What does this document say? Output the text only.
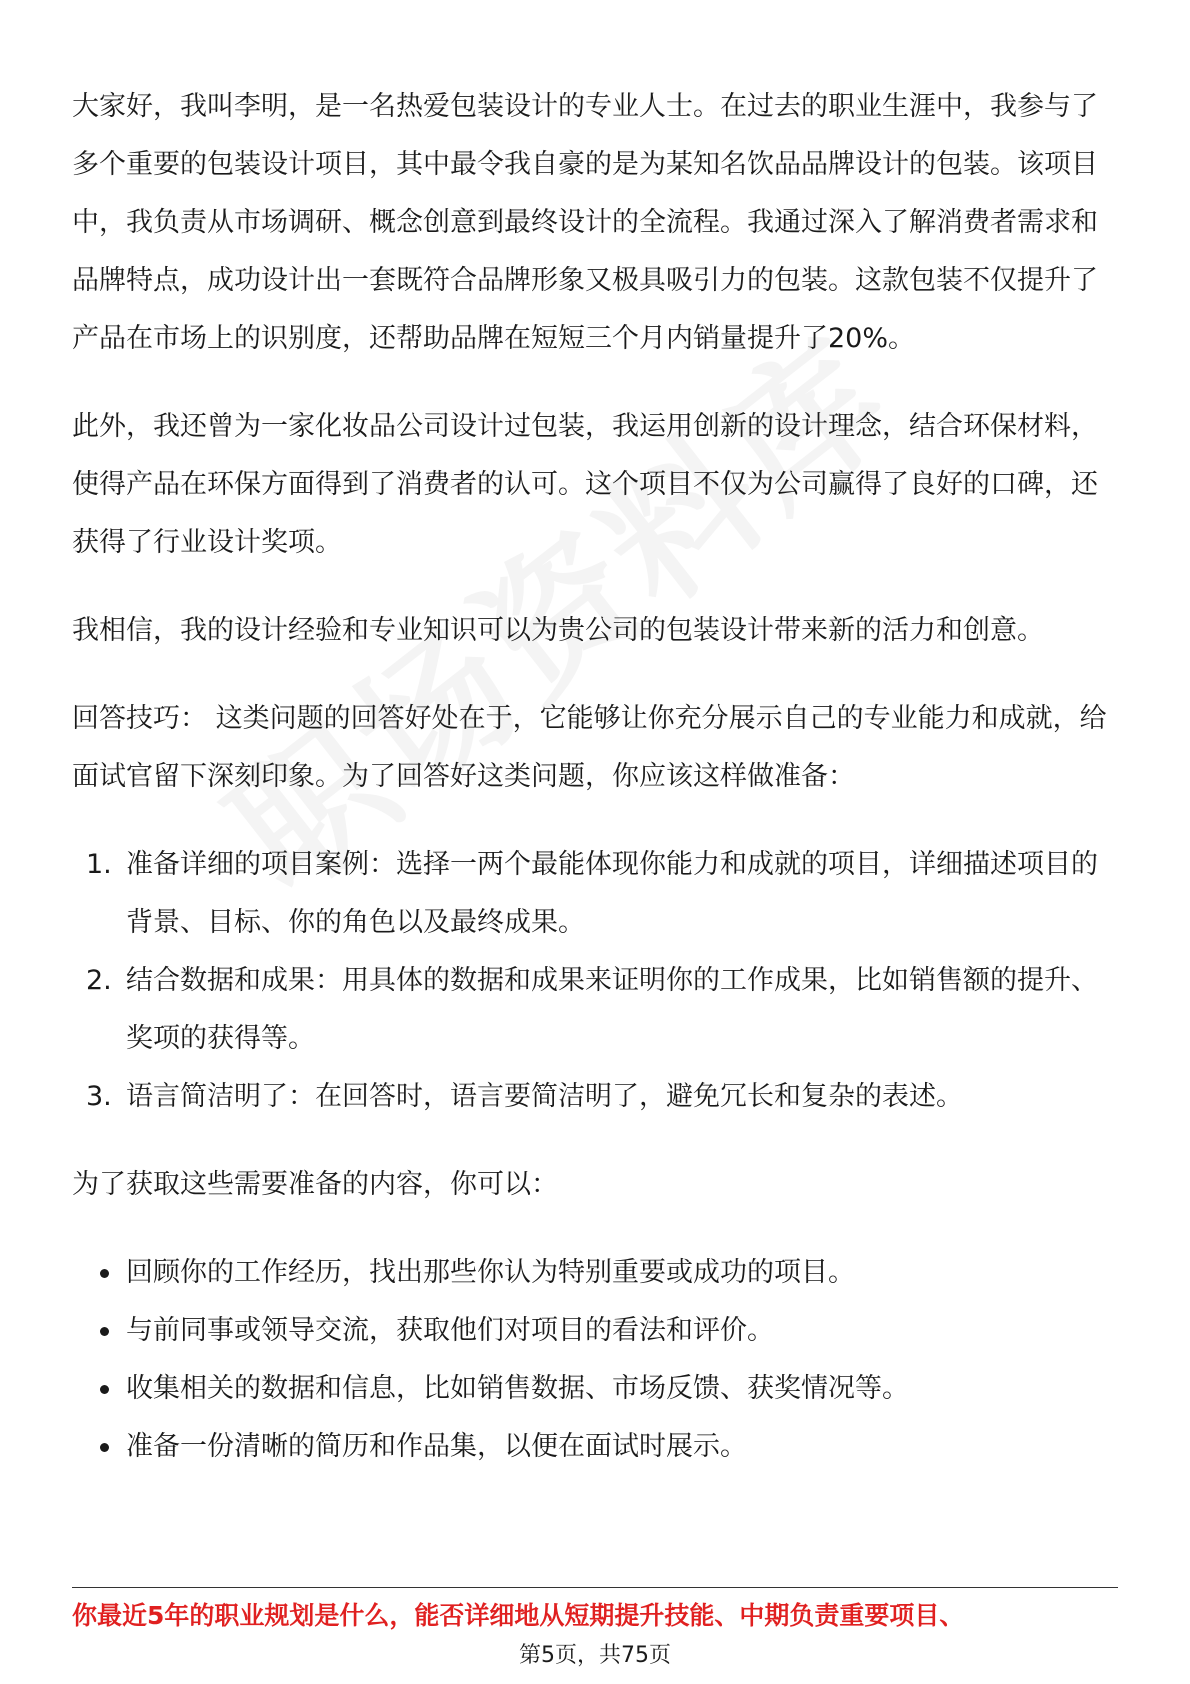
大家好，我叫李明，是一名热爱包装设计的专业人士。在过去的职业生涯中，我参与了多个重要的包装设计项目，其中最令我自豪的是为某知名饮品品牌设计的包装。该项目中，我负责从市场调研、概念创意到最终设计的全流程。我通过深入了解消费者需求和品牌特点，成功设计出一套既符合品牌形象又极具吸引力的包装。这款包装不仅提升了产品在市场上的识别度，还帮助品牌在短短三个月内销量提升了20%。

此外，我还曾为一家化妆品公司设计过包装，我运用创新的设计理念，结合环保材料，使得产品在环保方面得到了消费者的认可。这个项目不仅为公司赢得了良好的口碑，还获得了行业设计奖项。

我相信，我的设计经验和专业知识可以为贵公司的包装设计带来新的活力和创意。

回答技巧： 这类问题的回答好处在于，它能够让你充分展示自己的专业能力和成就，给面试官留下深刻印象。为了回答好这类问题，你应该这样做准备：

1. 准备详细的项目案例：选择一两个最能体现你能力和成就的项目，详细描述项目的背景、目标、你的角色以及最终成果。
2. 结合数据和成果：用具体的数据和成果来证明你的工作成果，比如销售额的提升、奖项的获得等。
3. 语言简洁明了：在回答时，语言要简洁明了，避免冗长和复杂的表述。

为了获取这些需要准备的内容，你可以：

回顾你的工作经历，找出那些你认为特别重要或成功的项目。
与前同事或领导交流，获取他们对项目的看法和评价。
收集相关的数据和信息，比如销售数据、市场反馈、获奖情况等。
准备一份清晰的简历和作品集，以便在面试时展示。
你最近5年的职业规划是什么，能否详细地从短期提升技能、中期负责重要项目、
第5页，共75页
